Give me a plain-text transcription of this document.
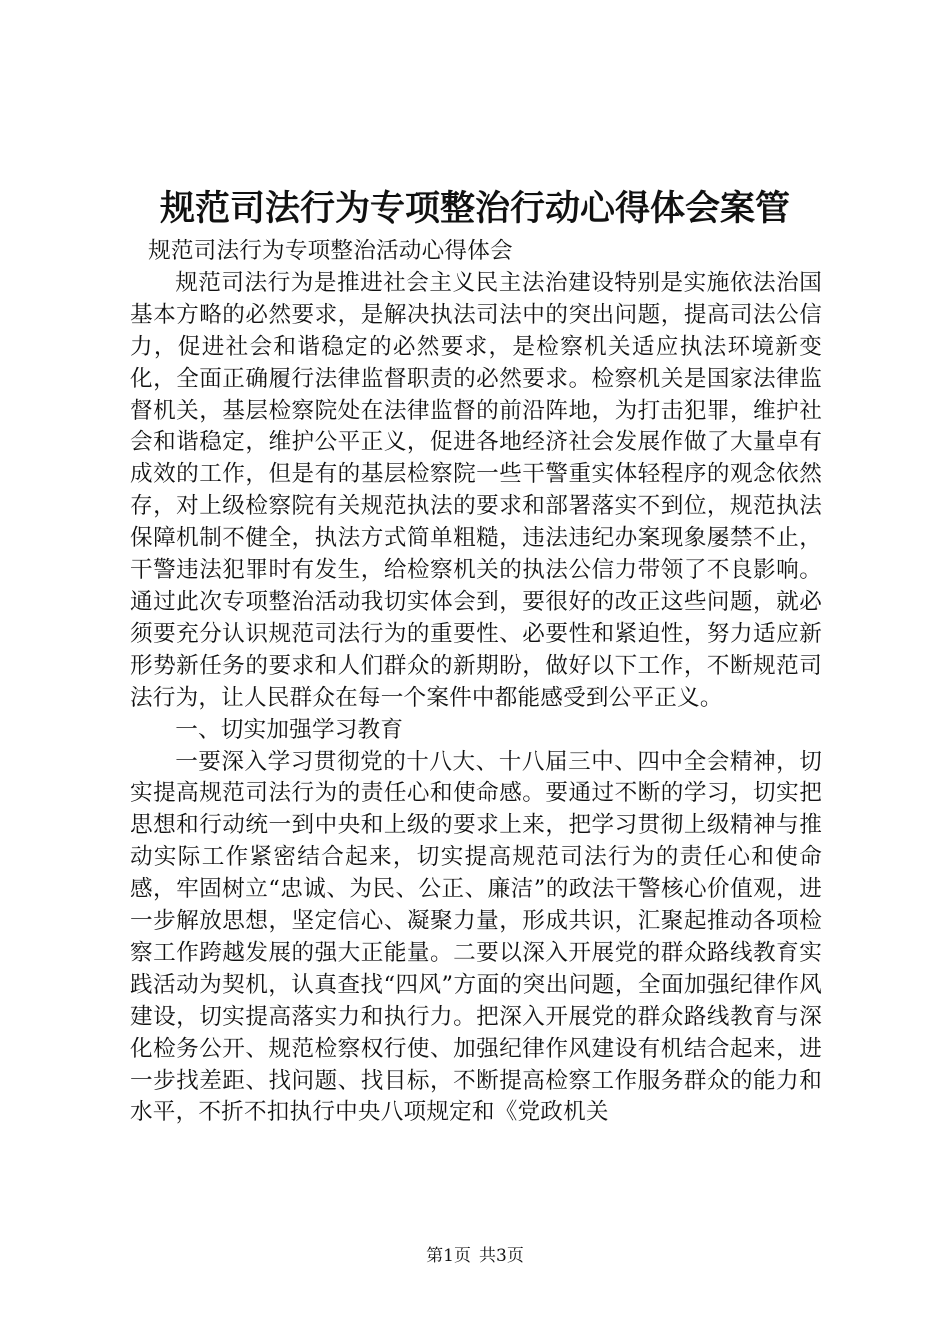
规范司法行为专项整治行动心得体会案管

规范司法行为专项整治活动心得体会

规范司法行为是推进社会主义民主法治建设特别是实施依法治国基本方略的必然要求，是解决执法司法中的突出问题，提高司法公信力，促进社会和谐稳定的必然要求，是检察机关适应执法环境新变化，全面正确履行法律监督职责的必然要求。检察机关是国家法律监督机关，基层检察院处在法律监督的前沿阵地，为打击犯罪，维护社会和谐稳定，维护公平正义，促进各地经济社会发展作做了大量卓有成效的工作，但是有的基层检察院一些干警重实体轻程序的观念依然存，对上级检察院有关规范执法的要求和部署落实不到位，规范执法保障机制不健全，执法方式简单粗糙，违法违纪办案现象屡禁不止，干警违法犯罪时有发生，给检察机关的执法公信力带领了不良影响。通过此次专项整治活动我切实体会到，要很好的改正这些问题，就必须要充分认识规范司法行为的重要性、必要性和紧迫性，努力适应新形势新任务的要求和人们群众的新期盼，做好以下工作，不断规范司法行为，让人民群众在每一个案件中都能感受到公平正义。

一、切实加强学习教育

一要深入学习贯彻党的十八大、十八届三中、四中全会精神，切实提高规范司法行为的责任心和使命感。要通过不断的学习，切实把思想和行动统一到中央和上级的要求上来，把学习贯彻上级精神与推动实际工作紧密结合起来，切实提高规范司法行为的责任心和使命感，牢固树立“忠诚、为民、公正、廉洁”的政法干警核心价值观，进一步解放思想，坚定信心、凝聚力量，形成共识，汇聚起推动各项检察工作跨越发展的强大正能量。二要以深入开展党的群众路线教育实践活动为契机，认真查找“四风”方面的突出问题，全面加强纪律作风建设，切实提高落实力和执行力。把深入开展党的群众路线教育与深化检务公开、规范检察权行使、加强纪律作风建设有机结合起来，进一步找差距、找问题、找目标，不断提高检察工作服务群众的能力和水平，不折不扣执行中央八项规定和《党政机关

第1页 共3页
